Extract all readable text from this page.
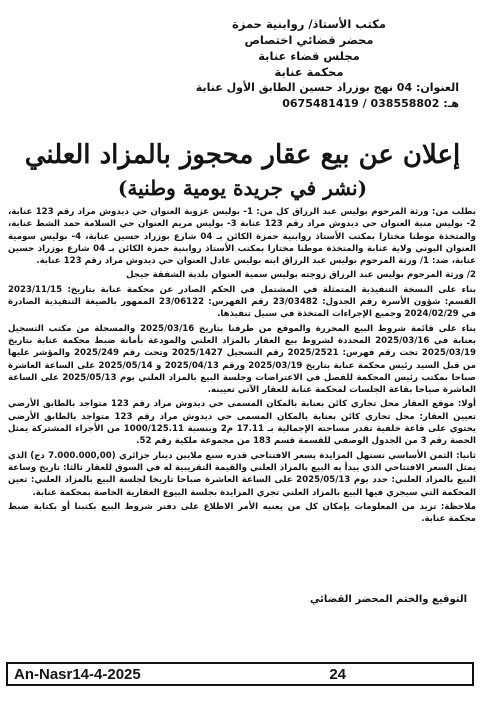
مكتب الأستاذ/ روابنية حمزة
محضر قضائي اختصاص
مجلس قضاء عنابة
محكمة عنابة
العنوان: 04 نهج بوزراد حسين الطابق الأول عنابة
هـ: 038558802 / 0675481419
إعلان عن بيع عقار محجوز بالمزاد العلني
(نشر في جريدة يومية وطنية)

بطلب من: ورثة المرحوم بوليس عبد الرزاق كل من: 1- بوليس عزوبة العنوان حي ديدوش مراد رقم 123 عنابة، 2- بوليس منية العنوان حي ديدوش مراد رقم 123 عنابة 3- بوليس مريم العنوان حي السلامة حمد الشط عنابة، والمتخذة موطنا مختارا بمكتب الأستاذ روابنية حمزة الكائن بـ 04 شارع بوزراد حسين عنابة، 4- بوليس سومية العنوان البوني ولاية عنابة والمتخذة موطنا مختارا بمكتب الأستاذ روابنية حمزة الكائن بـ 04 شارع بوزراد حسين عنابة، ضد: 1/ ورثة المرحوم بوليس عبد الرزاق ابنه بوليس عادل العنوان حي ديدوش مراد رقم 123 عنابة.

2/ ورثة المرحوم بوليس عبد الرزاق زوجته بوليس سمية العنوان بلدية الشفقة جيجل

بناء على النسخة التنفيذية المتمثلة في المشتمل في الحكم الصادر عن محكمة عنابة بتاريخ: 2023/11/15 القسم: شؤون الأسرة رقم الجدول: 23/03482 رقم الفهرس: 23/06122 الممهور بالصيغة التنفيذية الصادرة في 2024/02/29 وجميع الإجراءات المتخذة في سبيل تنفيذها.

بناء على قائمة شروط البيع المحررة والموقع من طرفنا بتاريخ 2025/03/16 والمسجلة من مكتب التسجيل بعنابة في 2025/03/16 المحددة لشروط بيع العقار بالمزاد العلني والمودعة بأمانة ضبط محكمة عنابة بتاريخ 2025/03/19 تحت رقم فهرس: 2025/2521 رقم التسجيل 2025/1427 وتحت رقم 2025/249 والمؤشر عليها من قبل السيد رئيس محكمة عنابة بتاريخ 2025/03/19 ورقم 2025/04/13 و 2025/05/14 على الساعة العاشرة صباحا بمكتب رئيس المحكمة للفصل في الاعتراضات وجلسة البيع بالمزاد العلني يوم 2025/05/13 على الساعة العاشرة صباحا بقاعة الجلسات لمحكمة عنابة للعقار الآتي تعيينه.

أولا: موقع العقار محل تجاري كائن بعنابة بالمكان المسمى حي ديدوش مراد رقم 123 متواجد بالطابق الأرضي تعيين العقار: محل تجاري كائن بعنابة بالمكان المسمى حي ديدوش مراد رقم 123 متواجد بالطابق الأرضي يحتوي على قاعة خلفية تقدر مساحته الإجمالية بـ 17.11 م2 وبنسبة 1000/125.11 من الأجزاء المشتركة يمثل الحصة رقم 3 من الجدول الوصفي للقسمة قسم 183 من مجموعة ملكية رقم 52.

ثانيا: الثمن الأساسي تستهل المزايدة بسعر الافتتاحي قدره سبع ملايين دينار جزائري (7.000.000,00 دج) الذي يمثل السعر الافتتاحي الذي يبدأ به البيع بالمزاد العلني والقيمة التقريبية له في السوق للعقار ثالثا: تاريخ وساعة البيع بالمزاد العلني: حدد يوم 2025/05/13 على الساعة العاشرة صباحا تاريخا لجلسة البيع بالمزاد العلني: تعين المحكمة التي سيجري فيها البيع بالمزاد العلني تجري المزايدة بجلسة البيوع العقارية الخاصة بمحكمة عنابة.

ملاحظة: تزيد من المعلومات بإمكان كل من يعنيه الأمر الاطلاع على دفتر شروط البيع بكتبنا أو بكتابة ضبط محكمة عنابة.

التوقيع والختم المحضر القضائي
An-Nasr14-4-2025	24
